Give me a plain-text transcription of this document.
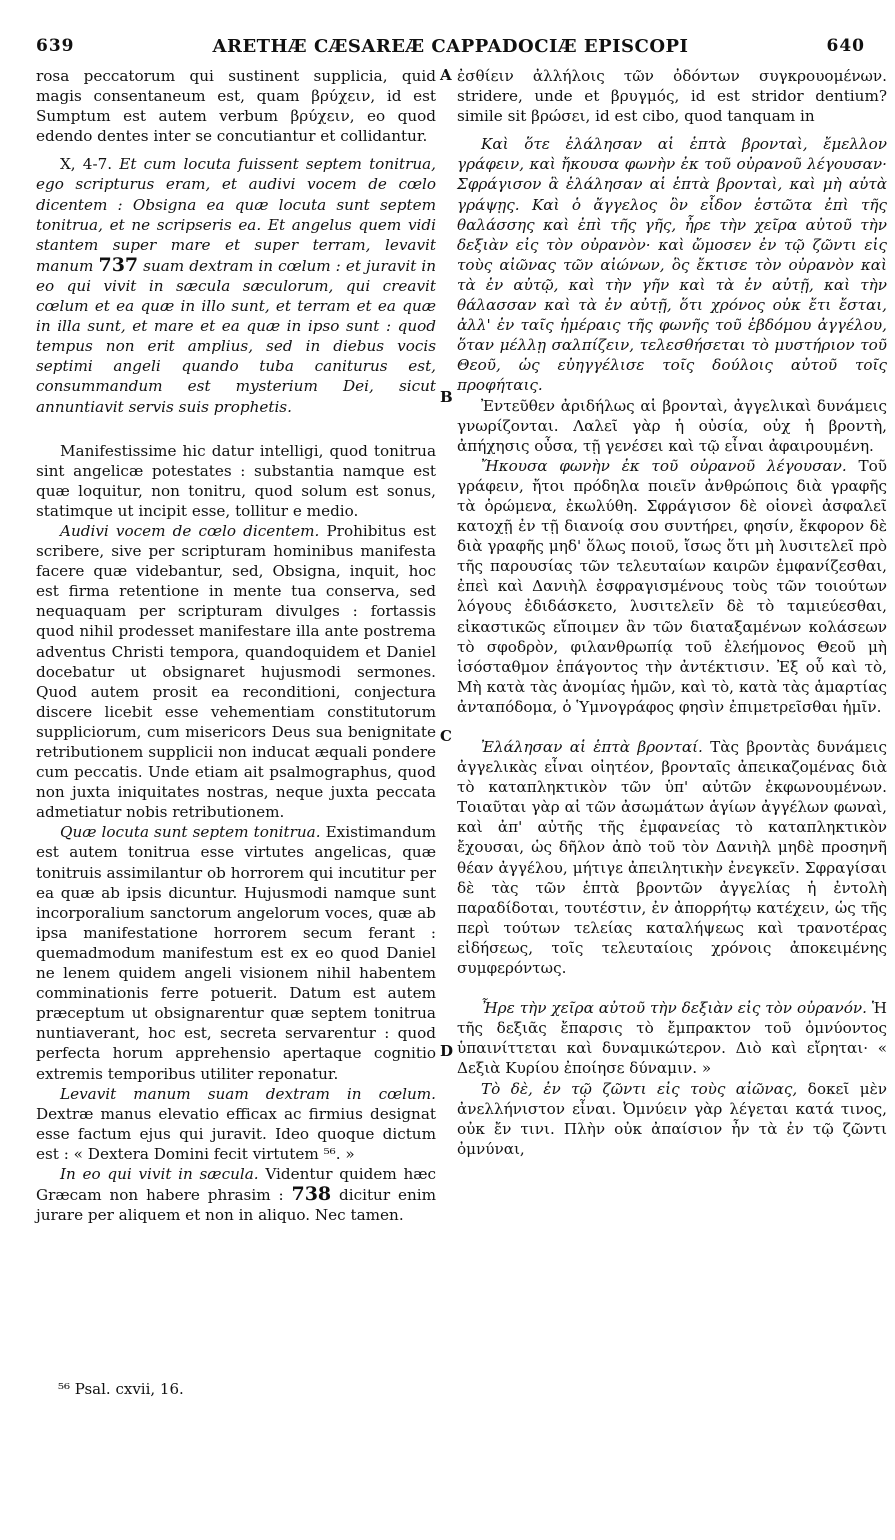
639	ARETHÆ CÆSAREÆ CAPPADOCIÆ EPISCOPI	640
A
B
C
D

rosa peccatorum qui sustinent supplicia, quid magis consentaneum est, quam βρύχειν, id est Sumptum est autem verbum βρύχειν, eo quod edendo dentes inter se concutiantur et collidantur.

X, 4-7. Et cum locuta fuissent septem tonitrua, ego scripturus eram, et audivi vocem de cœlo dicentem : Obsigna ea quæ locuta sunt septem tonitrua, et ne scripseris ea. Et angelus quem vidi stantem super mare et super terram, levavit manum 737 suam dextram in cœlum : et juravit in eo qui vivit in sæcula sæculorum, qui creavit cœlum et ea quæ in illo sunt, et terram et ea quæ in illa sunt, et mare et ea quæ in ipso sunt : quod tempus non erit amplius, sed in diebus vocis septimi angeli quando tuba caniturus est, consummandum est mysterium Dei, sicut annuntiavit servis suis prophetis.

Manifestissime hic datur intelligi, quod tonitrua sint angelicæ potestates : substantia namque est quæ loquitur, non tonitru, quod solum est sonus, statimque ut incipit esse, tollitur e medio.

Audivi vocem de cœlo dicentem. Prohibitus est scribere, sive per scripturam hominibus manifesta facere quæ videbantur, sed, Obsigna, inquit, hoc est firma retentione in mente tua conserva, sed nequaquam per scripturam divulges : fortassis quod nihil prodesset manifestare illa ante postrema adventus Christi tempora, quandoquidem et Daniel docebatur ut obsignaret hujusmodi sermones. Quod autem prosit ea reconditioni, conjectura discere licebit esse vehementiam constitutorum suppliciorum, cum misericors Deus sua benignitate retributionem supplicii non inducat æquali pondere cum peccatis. Unde etiam ait psalmographus, quod non juxta iniquitates nostras, neque juxta peccata admetiatur nobis retributionem.

Quæ locuta sunt septem tonitrua. Existimandum est autem tonitrua esse virtutes angelicas, quæ tonitruis assimilantur ob horrorem qui incutitur per ea quæ ab ipsis dicuntur. Hujusmodi namque sunt incorporalium sanctorum angelorum voces, quæ ab ipsa manifestatione horrorem secum ferant : quemadmodum manifestum est ex eo quod Daniel ne lenem quidem angeli visionem nihil habentem comminationis ferre potuerit. Datum est autem præceptum ut obsignarentur quæ septem tonitrua nuntiaverant, hoc est, secreta servarentur : quod perfecta horum apprehensio apertaque cognitio extremis temporibus utiliter reponatur.

Levavit manum suam dextram in cœlum. Dextræ manus elevatio efficax ac firmius designat esse factum ejus qui juravit. Ideo quoque dictum est : « Dextera Domini fecit virtutem ⁵⁶. »

In eo qui vivit in sæcula. Videntur quidem hæc Græcam non habere phrasim : 738 dicitur enim jurare per aliquem et non in aliquo. Nec tamen.

ἐσθίειν ἀλλήλοις τῶν ὀδόντων συγκρουομένων. stridere, unde et βρυγμός, id est stridor dentium? simile sit βρώσει, id est cibo, quod tanquam in

Καὶ ὅτε ἐλάλησαν αἱ ἑπτὰ βρονταὶ, ἔμελλον γράφειν, καὶ ἤκουσα φωνὴν ἐκ τοῦ οὐρανοῦ λέγουσαν· Σφράγισον ἃ ἐλάλησαν αἱ ἑπτὰ βρονταὶ, καὶ μὴ αὐτὰ γράψῃς. Καὶ ὁ ἄγγελος ὃν εἶδον ἑστῶτα ἐπὶ τῆς θαλάσσης καὶ ἐπὶ τῆς γῆς, ἦρε τὴν χεῖρα αὐτοῦ τὴν δεξιὰν εἰς τὸν οὐρανὸν· καὶ ὤμοσεν ἐν τῷ ζῶντι εἰς τοὺς αἰῶνας τῶν αἰώνων, ὃς ἔκτισε τὸν οὐρανὸν καὶ τὰ ἐν αὐτῷ, καὶ τὴν γῆν καὶ τὰ ἐν αὐτῇ, καὶ τὴν θάλασσαν καὶ τὰ ἐν αὐτῇ, ὅτι χρόνος οὐκ ἔτι ἔσται, ἀλλ' ἐν ταῖς ἡμέραις τῆς φωνῆς τοῦ ἑβδόμου ἀγγέλου, ὅταν μέλλῃ σαλπίζειν, τελεσθήσεται τὸ μυστήριον τοῦ Θεοῦ, ὡς εὐηγγέλισε τοῖς δούλοις αὐτοῦ τοῖς προφήταις.

Ἐντεῦθεν ἀριδήλως αἱ βρονταὶ, ἀγγελικαὶ δυνάμεις γνωρίζονται. Λαλεῖ γὰρ ἡ οὐσία, οὐχ ἡ βροντὴ, ἀπήχησις οὖσα, τῇ γενέσει καὶ τῷ εἶναι ἀφαιρουμένη.

Ἤκουσα φωνὴν ἐκ τοῦ οὐρανοῦ λέγουσαν. Τοῦ γράφειν, ἤτοι πρόδηλα ποιεῖν ἀνθρώποις διὰ γραφῆς τὰ ὁρώμενα, ἐκωλύθη. Σφράγισον δὲ οἱονεὶ ἀσφαλεῖ κατοχῇ ἐν τῇ διανοίᾳ σου συντήρει, φησίν, ἔκφορον δὲ διὰ γραφῆς μηδ' ὅλως ποιοῦ, ἴσως ὅτι μὴ λυσιτελεῖ πρὸ τῆς παρουσίας τῶν τελευταίων καιρῶν ἐμφανίζεσθαι, ἐπεὶ καὶ Δανιὴλ ἐσφραγισμένους τοὺς τῶν τοιούτων λόγους ἐδιδάσκετο, λυσιτελεῖν δὲ τὸ ταμιεύεσθαι, εἰκαστικῶς εἴποιμεν ἂν τῶν διαταξαμένων κολάσεων τὸ σφοδρὸν, φιλανθρωπίᾳ τοῦ ἐλεήμονος Θεοῦ μὴ ἰσόσταθμον ἐπάγοντος τὴν ἀντέκτισιν. Ἐξ οὗ καὶ τὸ, Μὴ κατὰ τὰς ἀνομίας ἡμῶν, καὶ τὸ, κατὰ τὰς ἁμαρτίας ἀνταπόδομα, ὁ Ὑμνογράφος φησὶν ἐπιμετρεῖσθαι ἡμῖν.

Ἐλάλησαν αἱ ἑπτὰ βρονταί. Τὰς βροντὰς δυνάμεις ἀγγελικὰς εἶναι οἰητέον, βρονταῖς ἀπεικαζομένας διὰ τὸ καταπληκτικὸν τῶν ὑπ' αὐτῶν ἐκφωνουμένων. Τοιαῦται γὰρ αἱ τῶν ἀσωμάτων ἁγίων ἀγγέλων φωναὶ, καὶ ἀπ' αὐτῆς τῆς ἐμφανείας τὸ καταπληκτικὸν ἔχουσαι, ὡς δῆλον ἀπὸ τοῦ τὸν Δανιὴλ μηδὲ προσηνῆ θέαν ἀγγέλου, μήτιγε ἀπειλητικὴν ἐνεγκεῖν. Σφραγίσαι δὲ τὰς τῶν ἑπτὰ βροντῶν ἀγγελίας ἡ ἐντολὴ παραδίδοται, τουτέστιν, ἐν ἀπορρήτῳ κατέχειν, ὡς τῆς περὶ τούτων τελείας καταλήψεως καὶ τρανοτέρας εἰδήσεως, τοῖς τελευταίοις χρόνοις ἀποκειμένης συμφερόντως.

Ἦρε τὴν χεῖρα αὐτοῦ τὴν δεξιὰν εἰς τὸν οὐρανόν. Ἡ τῆς δεξιᾶς ἔπαρσις τὸ ἔμπρακτον τοῦ ὀμνύοντος ὑπαινίττεται καὶ δυναμικώτερον. Διὸ καὶ εἴρηται· « Δεξιὰ Κυρίου ἐποίησε δύναμιν. »

Τὸ δὲ, ἐν τῷ ζῶντι εἰς τοὺς αἰῶνας, δοκεῖ μὲν ἀνελλήνιστον εἶναι. Ὀμνύειν γὰρ λέγεται κατά τινος, οὐκ ἔν τινι. Πλὴν οὐκ ἀπαίσιον ἦν τὰ ἐν τῷ ζῶντι ὀμνύναι,

⁵⁶ Psal. cxvii, 16.
